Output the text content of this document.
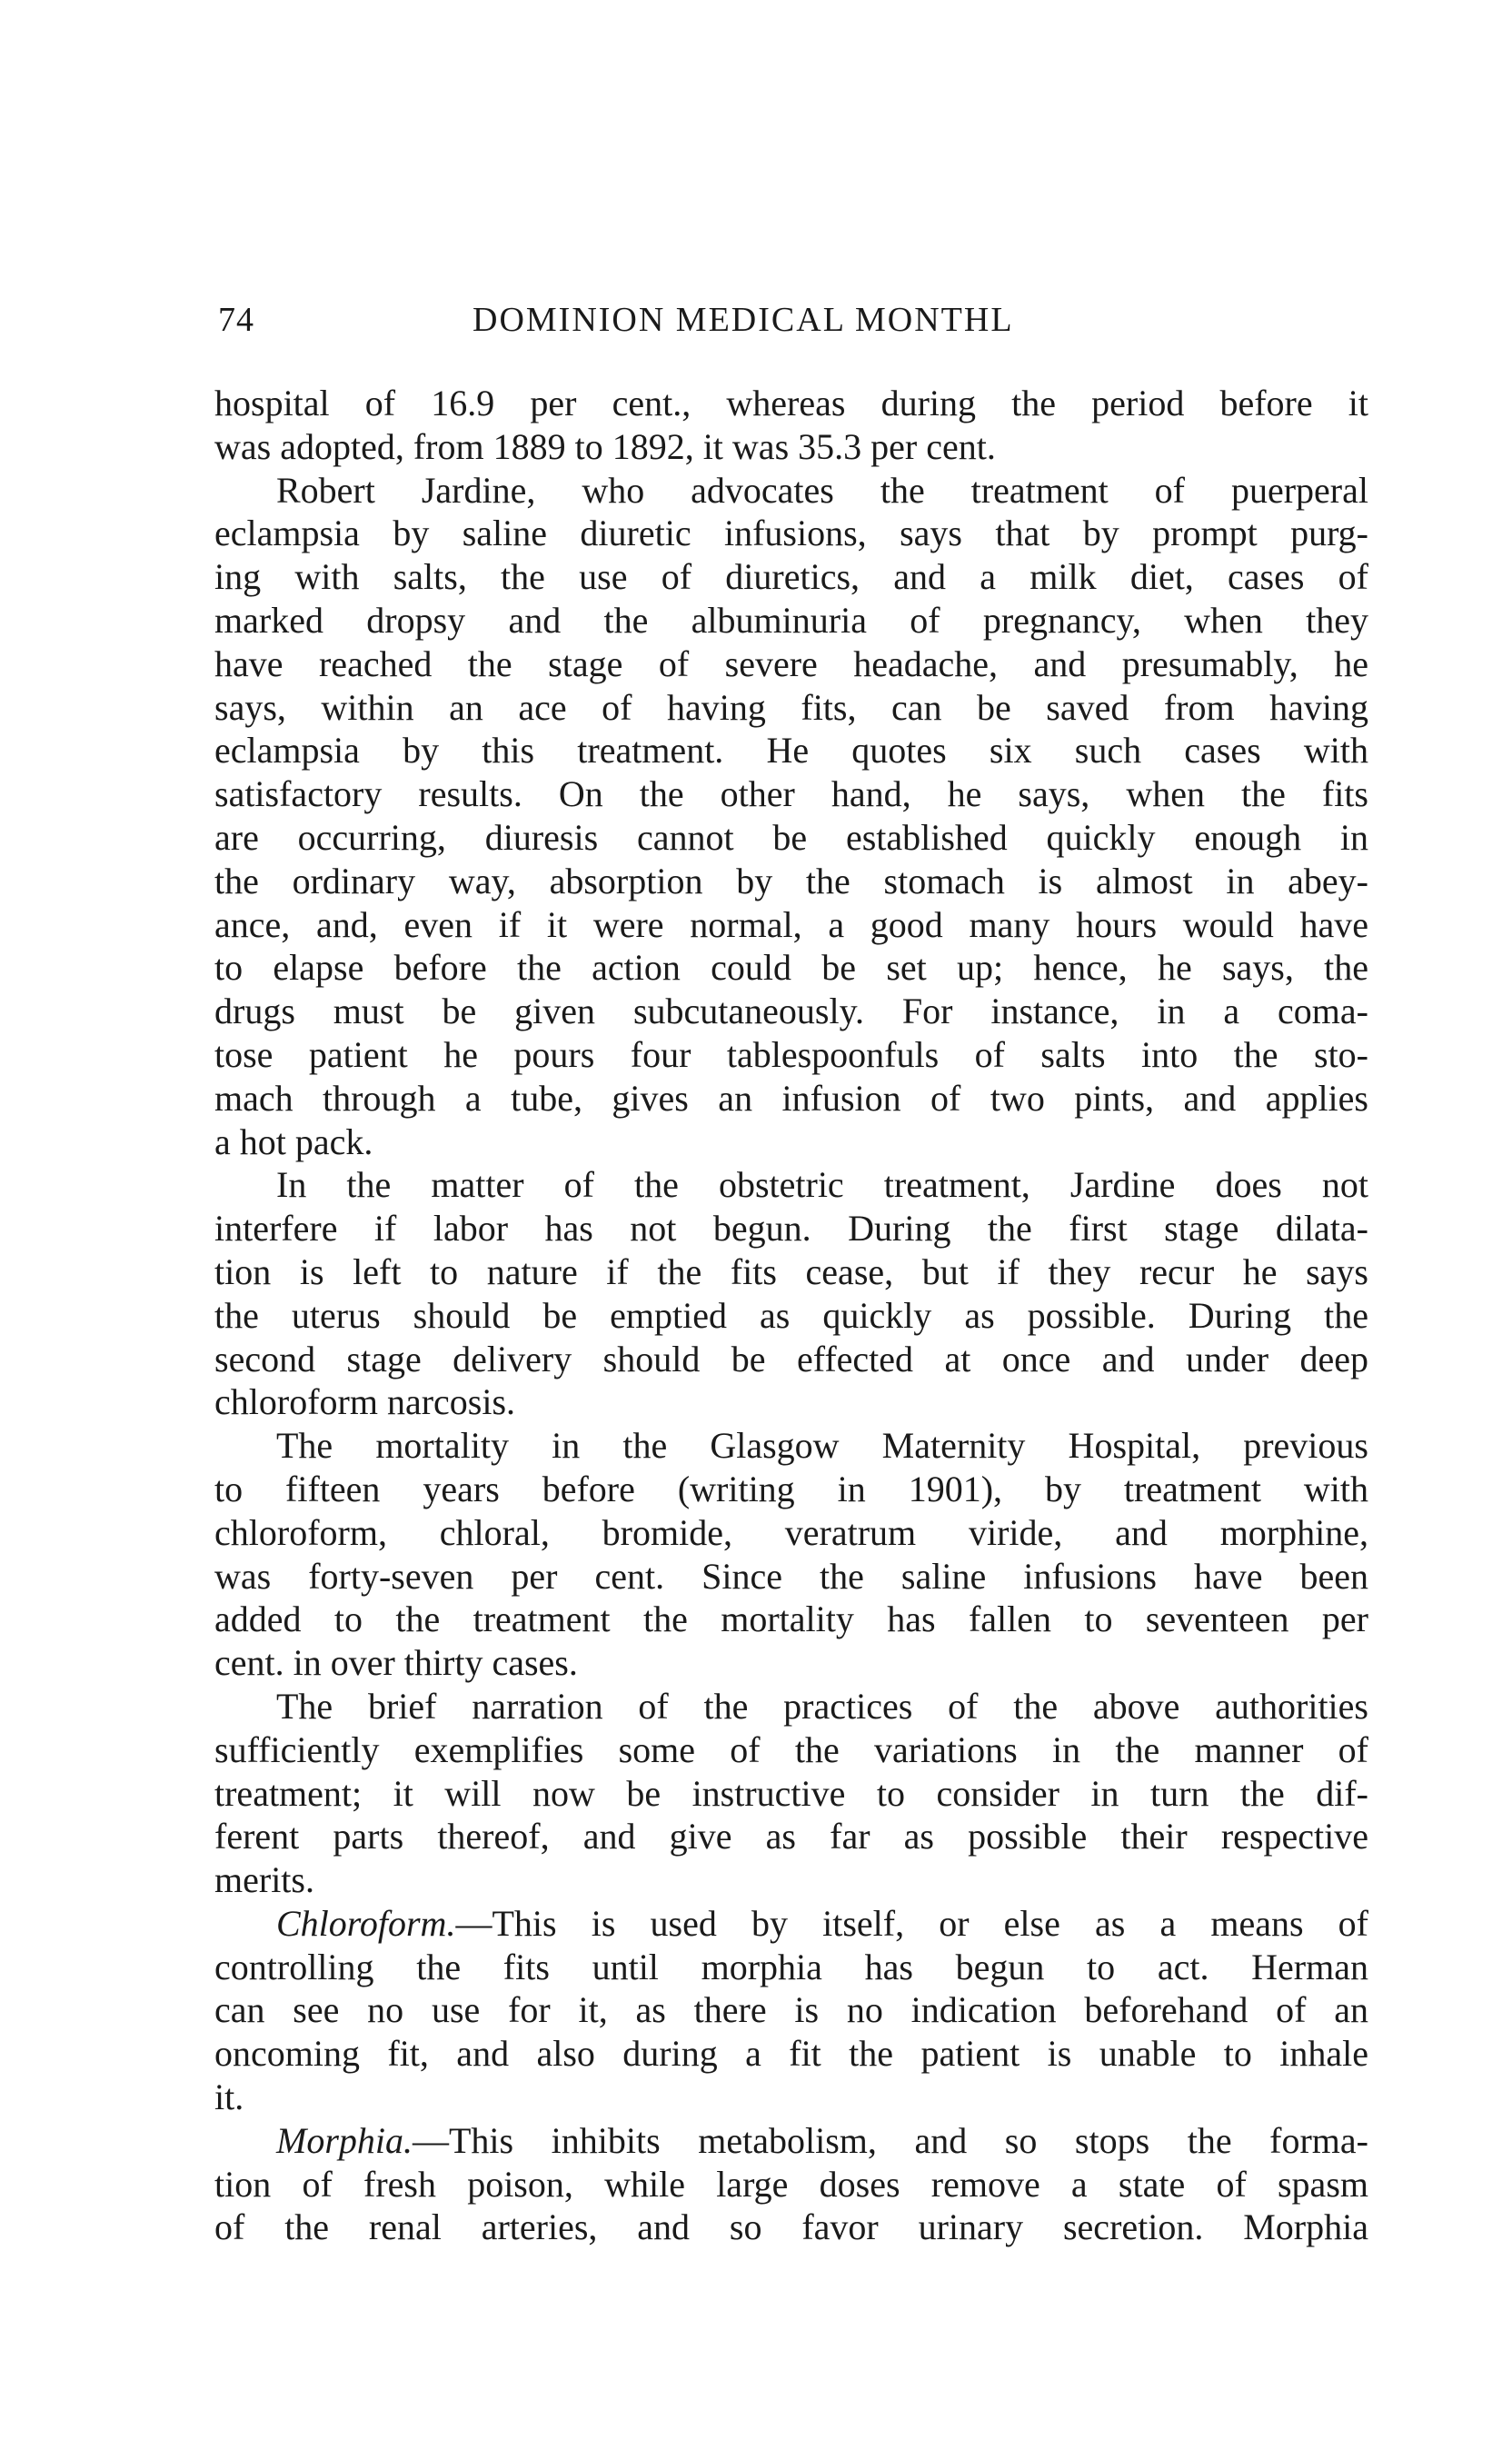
74	DOMINION MEDICAL MONTHL
hospital of 16.9 per cent., whereas during the period before it
was adopted, from 1889 to 1892, it was 35.3 per cent.
Robert Jardine, who advocates the treatment of puerperal
eclampsia by saline diuretic infusions, says that by prompt purg-
ing with salts, the use of diuretics, and a milk diet, cases of
marked dropsy and the albuminuria of pregnancy, when they
have reached the stage of severe headache, and presumably, he
says, within an ace of having fits, can be saved from having
eclampsia by this treatment. He quotes six such cases with
satisfactory results. On the other hand, he says, when the fits
are occurring, diuresis cannot be established quickly enough in
the ordinary way, absorption by the stomach is almost in abey-
ance, and, even if it were normal, a good many hours would have
to elapse before the action could be set up; hence, he says, the
drugs must be given subcutaneously. For instance, in a coma-
tose patient he pours four tablespoonfuls of salts into the sto-
mach through a tube, gives an infusion of two pints, and applies
a hot pack.
In the matter of the obstetric treatment, Jardine does not
interfere if labor has not begun. During the first stage dilata-
tion is left to nature if the fits cease, but if they recur he says
the uterus should be emptied as quickly as possible. During the
second stage delivery should be effected at once and under deep
chloroform narcosis.
The mortality in the Glasgow Maternity Hospital, previous
to fifteen years before (writing in 1901), by treatment with
chloroform, chloral, bromide, veratrum viride, and morphine,
was forty-seven per cent. Since the saline infusions have been
added to the treatment the mortality has fallen to seventeen per
cent. in over thirty cases.
The brief narration of the practices of the above authorities
sufficiently exemplifies some of the variations in the manner of
treatment; it will now be instructive to consider in turn the dif-
ferent parts thereof, and give as far as possible their respective
merits.
Chloroform.—This is used by itself, or else as a means of
controlling the fits until morphia has begun to act. Herman
can see no use for it, as there is no indication beforehand of an
oncoming fit, and also during a fit the patient is unable to inhale
it.
Morphia.—This inhibits metabolism, and so stops the forma-
tion of fresh poison, while large doses remove a state of spasm
of the renal arteries, and so favor urinary secretion. Morphia
